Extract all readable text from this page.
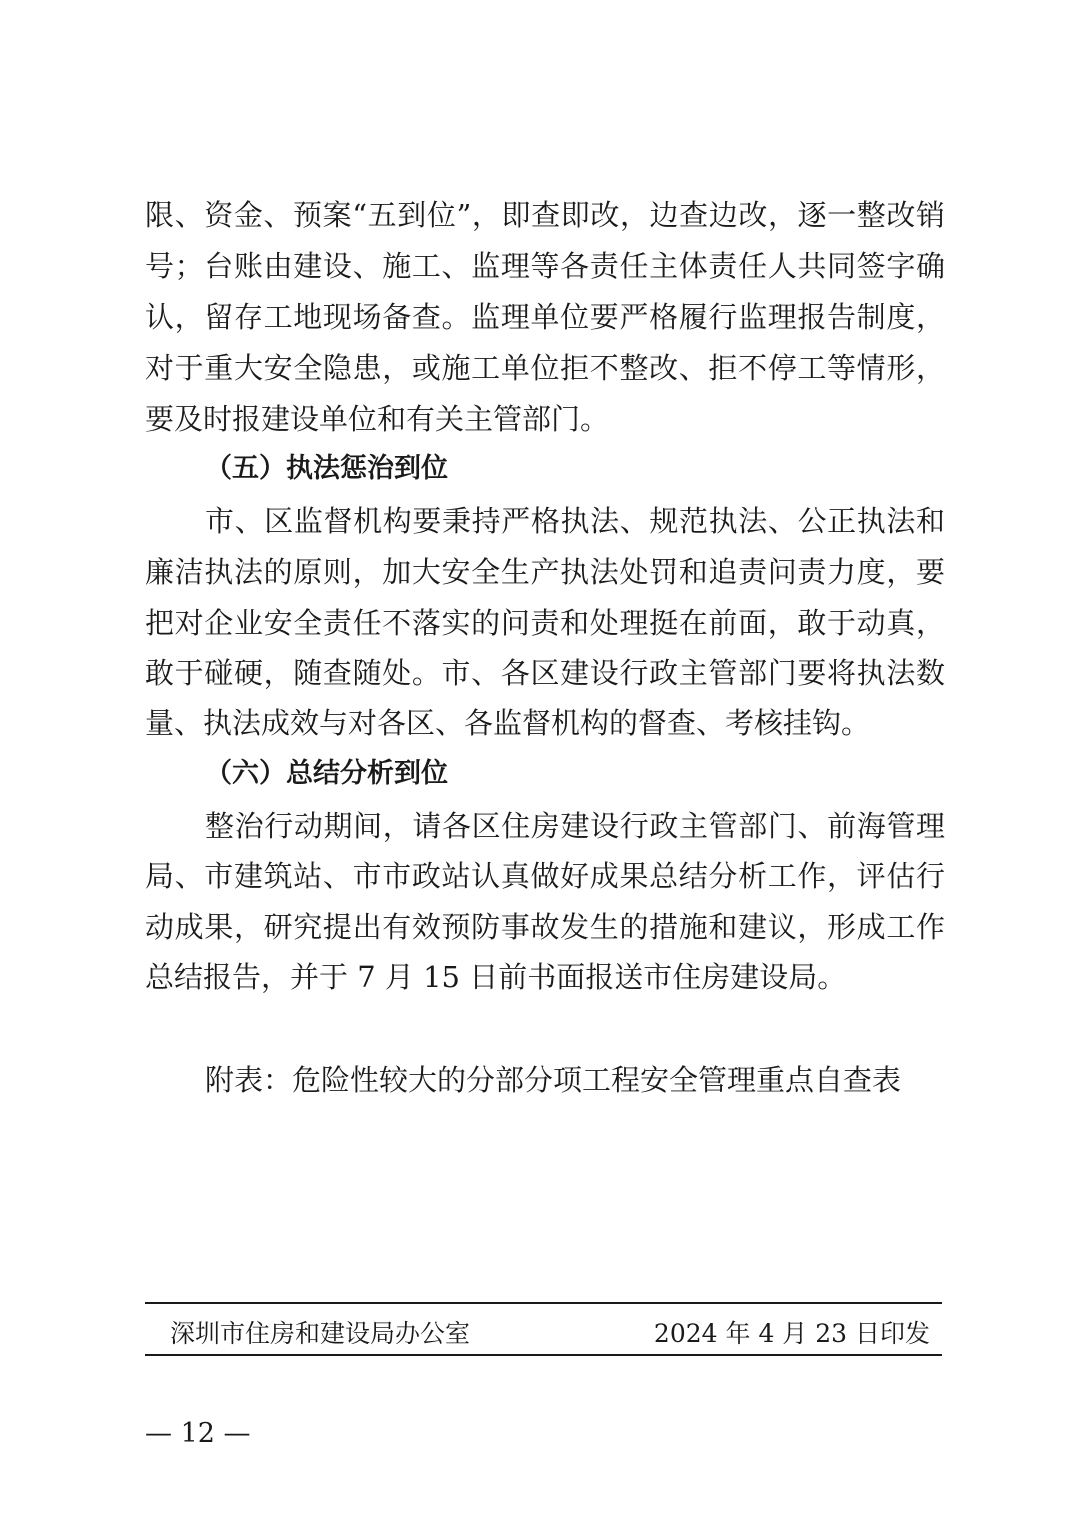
限、资金、预案“五到位”，即查即改，边查边改，逐一整改销
号；台账由建设、施工、监理等各责任主体责任人共同签字确
认，留存工地现场备查。监理单位要严格履行监理报告制度，
对于重大安全隐患，或施工单位拒不整改、拒不停工等情形，
要及时报建设单位和有关主管部门。
（五）执法惩治到位
市、区监督机构要秉持严格执法、规范执法、公正执法和
廉洁执法的原则，加大安全生产执法处罚和追责问责力度，要
把对企业安全责任不落实的问责和处理挺在前面，敢于动真，
敢于碰硬，随查随处。市、各区建设行政主管部门要将执法数
量、执法成效与对各区、各监督机构的督查、考核挂钩。
（六）总结分析到位
整治行动期间，请各区住房建设行政主管部门、前海管理
局、市建筑站、市市政站认真做好成果总结分析工作，评估行
动成果，研究提出有效预防事故发生的措施和建议，形成工作
总结报告，并于 7 月 15 日前书面报送市住房建设局。
附表：危险性较大的分部分项工程安全管理重点自查表
深圳市住房和建设局办公室	2024 年 4 月 23 日印发
— 12 —
